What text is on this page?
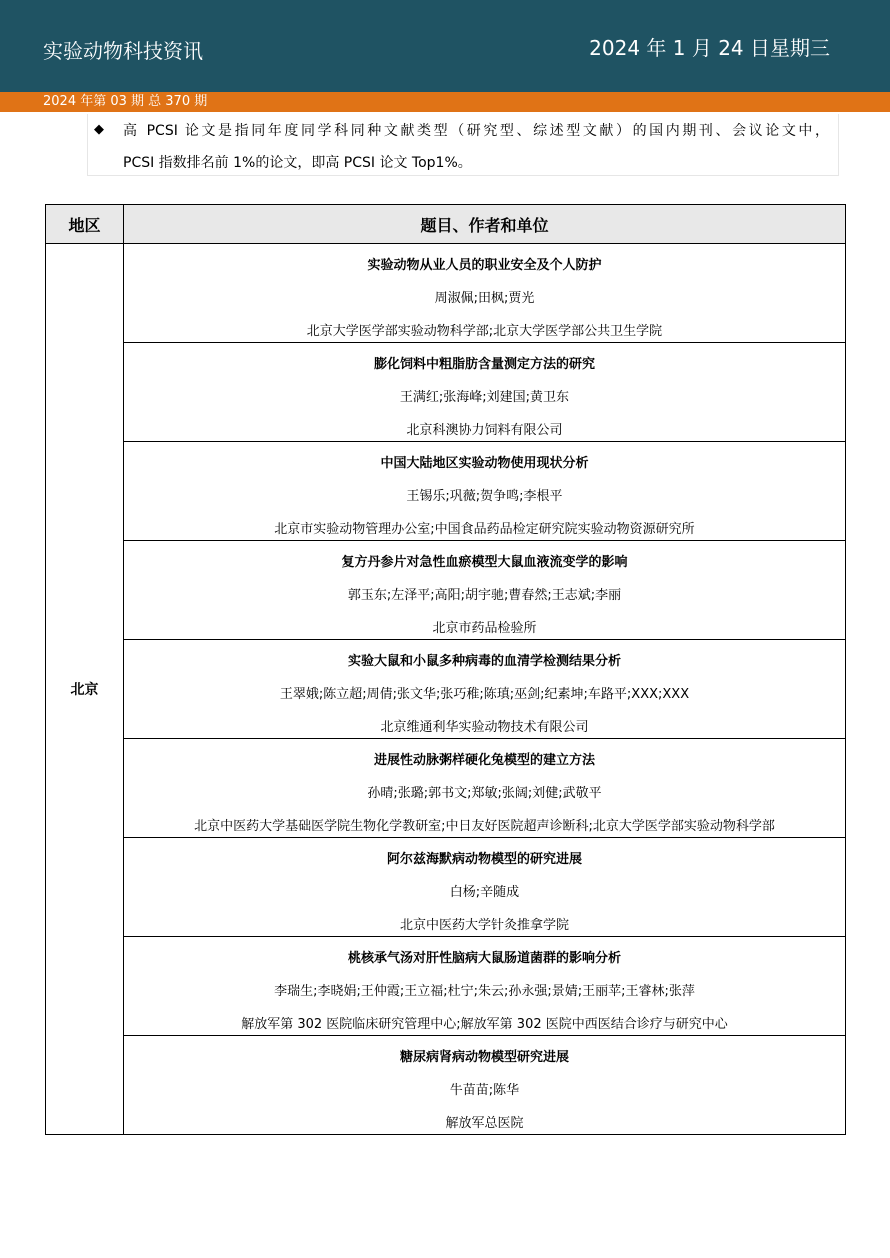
实验动物科技资讯	2024 年 1 月 24 日星期三
2024 年第 03 期 总 370 期
◆ 高 PCSI 论文是指同年度同学科同种文献类型（研究型、综述型文献）的国内期刊、会议论文中，
PCSI 指数排名前 1%的论文，即高 PCSI 论文 Top1%。
地区	题目、作者和单位
北京	实验动物从业人员的职业安全及个人防护
周淑佩;田枫;贾光
北京大学医学部实验动物科学部;北京大学医学部公共卫生学院

	膨化饲料中粗脂肪含量测定方法的研究
王满红;张海峰;刘建国;黄卫东
北京科澳协力饲料有限公司

	中国大陆地区实验动物使用现状分析
王锡乐;巩薇;贺争鸣;李根平
北京市实验动物管理办公室;中国食品药品检定研究院实验动物资源研究所

	复方丹参片对急性血瘀模型大鼠血液流变学的影响
郭玉东;左泽平;高阳;胡宇驰;曹春然;王志斌;李丽
北京市药品检验所

	实验大鼠和小鼠多种病毒的血清学检测结果分析
王翠娥;陈立超;周倩;张文华;张巧稚;陈瑱;巫剑;纪素坤;车路平;XXX;XXX
北京维通利华实验动物技术有限公司

	进展性动脉粥样硬化兔模型的建立方法
孙晴;张璐;郭书文;郑敏;张阔;刘健;武敬平
北京中医药大学基础医学院生物化学教研室;中日友好医院超声诊断科;北京大学医学部实验动物科学部

	阿尔兹海默病动物模型的研究进展
白杨;辛随成
北京中医药大学针灸推拿学院

	桃核承气汤对肝性脑病大鼠肠道菌群的影响分析
李瑞生;李晓娟;王仲霞;王立福;杜宁;朱云;孙永强;景婧;王丽苹;王睿林;张萍
解放军第 302 医院临床研究管理中心;解放军第 302 医院中西医结合诊疗与研究中心

	糖尿病肾病动物模型研究进展
牛苗苗;陈华
解放军总医院
